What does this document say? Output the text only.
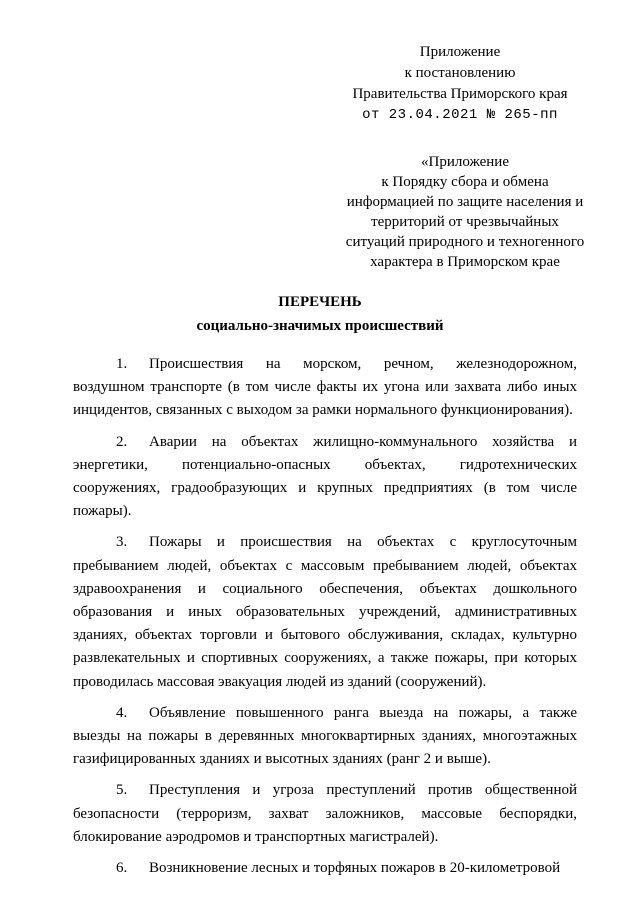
Приложение
к постановлению
Правительства Приморского края
от 23.04.2021 № 265-пп
«Приложение
к Порядку сбора и обмена
информацией по защите населения и
территорий от чрезвычайных
ситуаций природного и техногенного
характера в Приморском крае
ПЕРЕЧЕНЬ
социально-значимых происшествий

1. Происшествия на морском, речном, железнодорожном, воздушном транспорте (в том числе факты их угона или захвата либо иных инцидентов, связанных с выходом за рамки нормального функционирования).

2. Аварии на объектах жилищно-коммунального хозяйства и энергетики, потенциально-опасных объектах, гидротехнических сооружениях, градообразующих и крупных предприятиях (в том числе пожары).

3. Пожары и происшествия на объектах с круглосуточным пребыванием людей, объектах с массовым пребыванием людей, объектах здравоохранения и социального обеспечения, объектах дошкольного образования и иных образовательных учреждений, административных зданиях, объектах торговли и бытового обслуживания, складах, культурно развлекательных и спортивных сооружениях, а также пожары, при которых проводилась массовая эвакуация людей из зданий (сооружений).

4. Объявление повышенного ранга выезда на пожары, а также выезды на пожары в деревянных многоквартирных зданиях, многоэтажных газифицированных зданиях и высотных зданиях (ранг 2 и выше).

5. Преступления и угроза преступлений против общественной безопасности (терроризм, захват заложников, массовые беспорядки, блокирование аэродромов и транспортных магистралей).

6. Возникновение лесных и торфяных пожаров в 20-километровой
